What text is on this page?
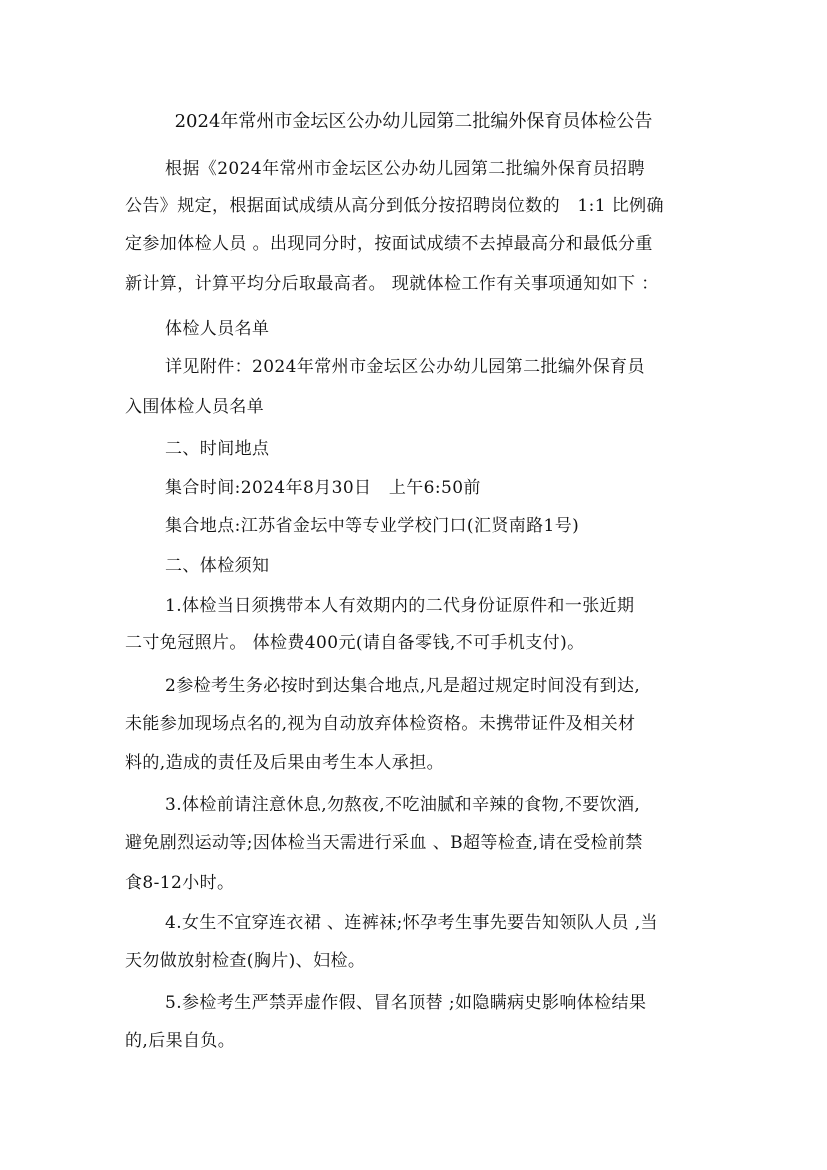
2024年常州市金坛区公办幼儿园第二批编外保育员体检公告
根据《2024年常州市金坛区公办幼儿园第二批编外保育员招聘
公告》规定，根据面试成绩从高分到低分按招聘岗位数的　1:1 比例确
定参加体检人员 。出现同分时，按面试成绩不去掉最高分和最低分重
新计算，计算平均分后取最高者。 现就体检工作有关事项通知如下 ：
体检人员名单
详见附件：2024年常州市金坛区公办幼儿园第二批编外保育员
入围体检人员名单
二、时间地点
集合时间:2024年8月30日　上午6:50前
集合地点:江苏省金坛中等专业学校门口(汇贤南路1号)
二、体检须知
1.体检当日须携带本人有效期内的二代身份证原件和一张近期
二寸免冠照片。 体检费400元(请自备零钱,不可手机支付)。
2参检考生务必按时到达集合地点,凡是超过规定时间没有到达,
未能参加现场点名的,视为自动放弃体检资格。未携带证件及相关材
料的,造成的责任及后果由考生本人承担。
3.体检前请注意休息,勿熬夜,不吃油腻和辛辣的食物,不要饮酒,
避免剧烈运动等;因体检当天需进行采血 、B超等检查,请在受检前禁
食8-12小时。
4.女生不宜穿连衣裙 、连裤袜;怀孕考生事先要告知领队人员 ,当
天勿做放射检查(胸片)、妇检。
5.参检考生严禁弄虚作假、冒名顶替 ;如隐瞒病史影响体检结果
的,后果自负。
